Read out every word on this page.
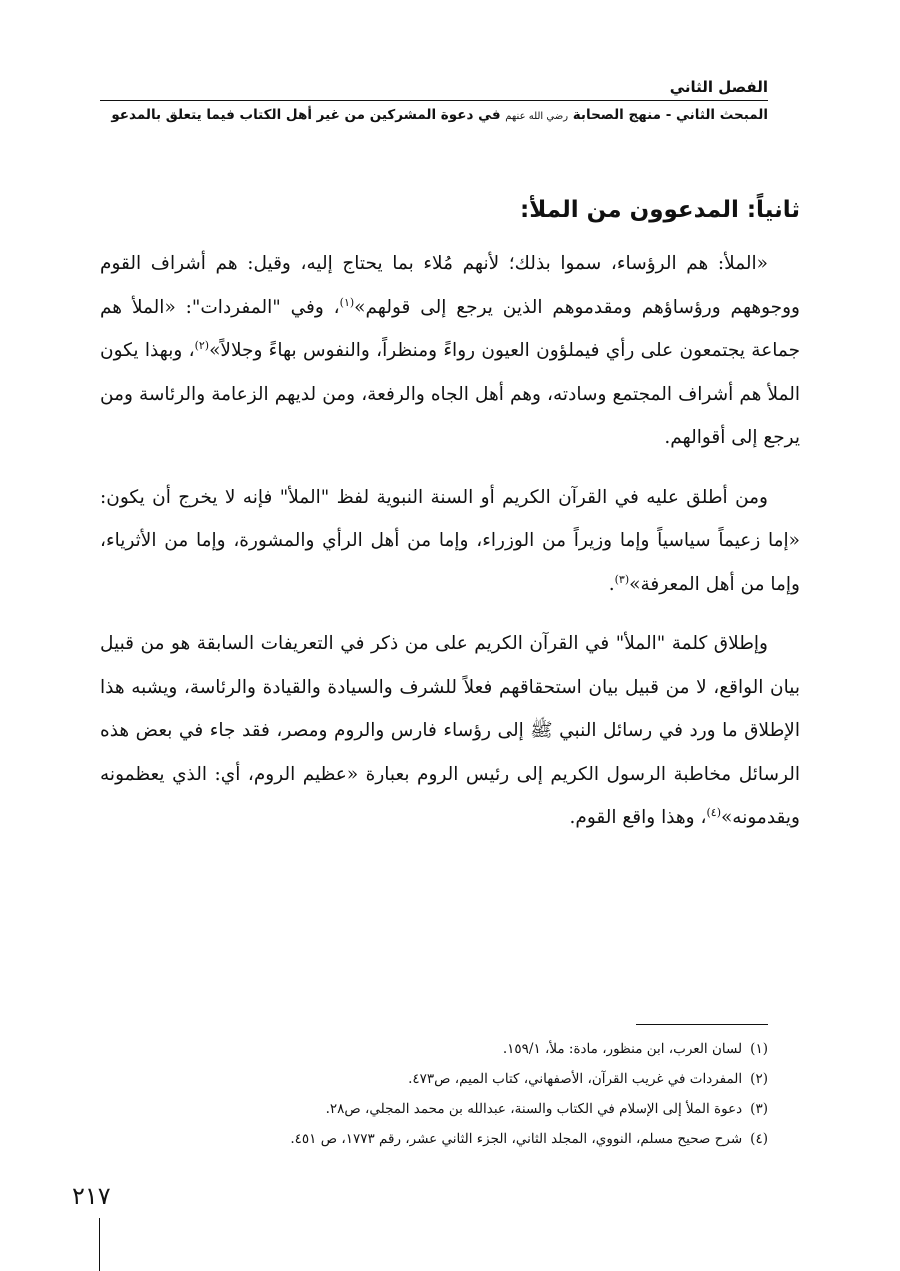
الفصل الثاني

المبحث الثاني - منهج الصحابة رضي الله عنهم في دعوة المشركين من غير أهل الكتاب فيما يتعلق بالمدعو

ثانياً: المدعوون من الملأ:

«الملأ: هم الرؤساء، سموا بذلك؛ لأنهم مُلاء بما يحتاج إليه، وقيل: هم أشراف القوم ووجوههم ورؤساؤهم ومقدموهم الذين يرجع إلى قولهم»$^{(١)}$، وفي "المفردات": «الملأ هم جماعة يجتمعون على رأي فيملؤون العيون رواءً ومنظراً، والنفوس بهاءً وجلالاً»$^{(٢)}$، وبهذا يكون الملأ هم أشراف المجتمع وسادته، وهم أهل الجاه والرفعة، ومن لديهم الزعامة والرئاسة ومن يرجع إلى أقوالهم.

ومن أطلق عليه في القرآن الكريم أو السنة النبوية لفظ "الملأ" فإنه لا يخرج أن يكون: «إما زعيماً سياسياً وإما وزيراً من الوزراء، وإما من أهل الرأي والمشورة، وإما من الأثرياء، وإما من أهل المعرفة»$^{(٣)}$.

وإطلاق كلمة "الملأ" في القرآن الكريم على من ذكر في التعريفات السابقة هو من قبيل بيان الواقع، لا من قبيل بيان استحقاقهم فعلاً للشرف والسيادة والقيادة والرئاسة، ويشبه هذا الإطلاق ما ورد في رسائل النبي ﷺ إلى رؤساء فارس والروم ومصر، فقد جاء في بعض هذه الرسائل مخاطبة الرسول الكريم إلى رئيس الروم بعبارة «عظيم الروم، أي: الذي يعظمونه ويقدمونه»$^{(٤)}$، وهذا واقع القوم.

(١)لسان العرب، ابن منظور، مادة: ملأ، ١٥٩/١.
(٢)المفردات في غريب القرآن، الأصفهاني، كتاب الميم، ص٤٧٣.
(٣)دعوة الملأ إلى الإسلام في الكتاب والسنة، عبدالله بن محمد المجلي، ص٢٨.
(٤)شرح صحيح مسلم، النووي، المجلد الثاني، الجزء الثاني عشر، رقم ١٧٧٣، ص ٤٥١.
٢١٧
